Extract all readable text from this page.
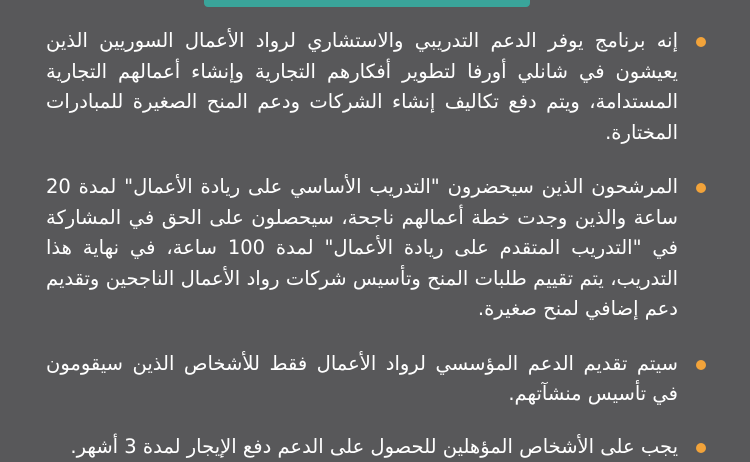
إنه برنامج يوفر الدعم التدريبي والاستشاري لرواد الأعمال السوريين الذين يعيشون في شانلي أورفا لتطوير أفكارهم التجارية وإنشاء أعمالهم التجارية المستدامة، ويتم دفع تكاليف إنشاء الشركات ودعم المنح الصغيرة للمبادرات المختارة.
المرشحون الذين سيحضرون "التدريب الأساسي على ريادة الأعمال" لمدة 20 ساعة والذين وجدت خطة أعمالهم ناجحة، سيحصلون على الحق في المشاركة في "التدريب المتقدم على ريادة الأعمال" لمدة 100 ساعة، في نهاية هذا التدريب، يتم تقييم طلبات المنح وتأسيس شركات رواد الأعمال الناجحين وتقديم دعم إضافي لمنح صغيرة.
سيتم تقديم الدعم المؤسسي لرواد الأعمال فقط للأشخاص الذين سيقومون في تأسيس منشآتهم.
يجب على الأشخاص المؤهلين للحصول على الدعم دفع الإيجار لمدة 3 أشهر.
